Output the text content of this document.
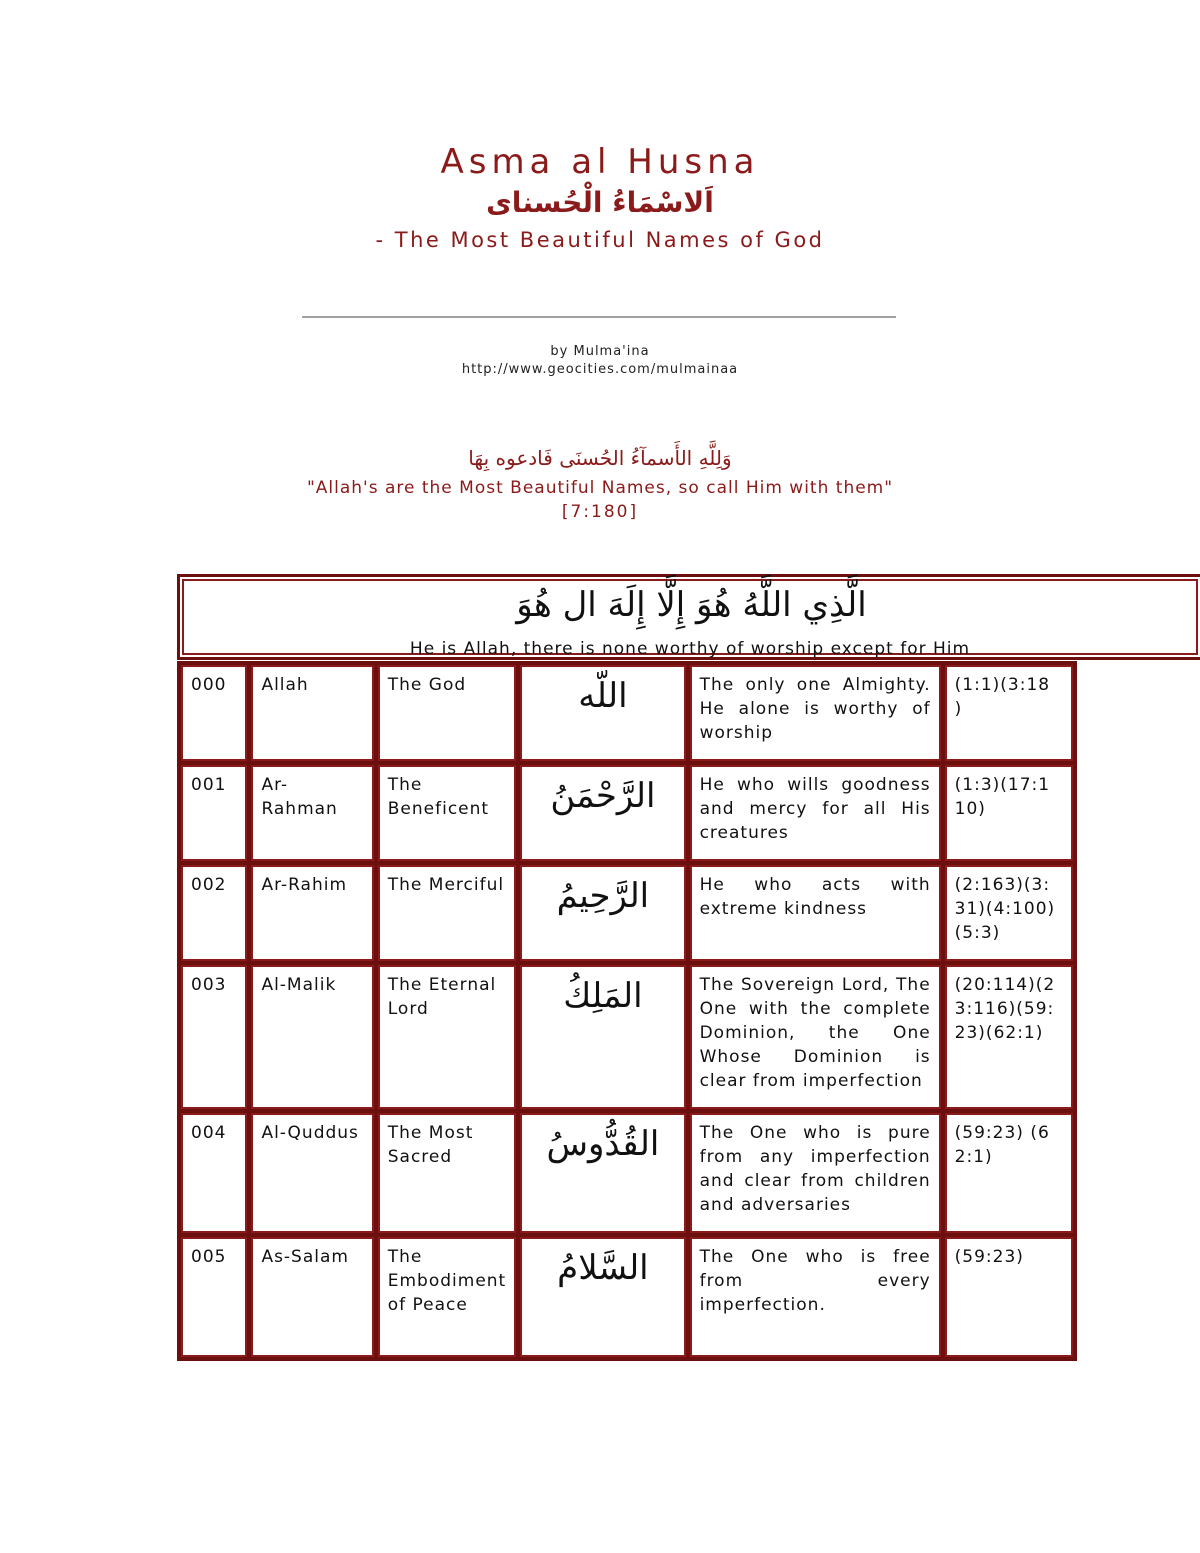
Asma al Husna
اَلاسْمَاءُ الْحُسناى
- The Most Beautiful Names of God
by Mulma'ina
http://www.geocities.com/mulmainaa
وَلِلَّهِ الأَسمآءُ الحُسنَى فَادعوه بِهَا
"Allah's are the Most Beautiful Names, so call Him with them"
[7:180]
الَّذِي اللَّهُ هُوَ إِلَّا إِلَهَ ال هُوَ
He is Allah, there is none worthy of worship except for Him
000	Allah	The God	اللّه	The only one Almighty. He alone is worthy of worship	(1:1)(3:18 )
001	Ar-Rahman	The Beneficent	الرَّحْمَنُ	He who wills goodness and mercy for all His creatures	(1:3)(17:1 10)
002	Ar-Rahim	The Merciful	الرَّحِيمُ	He who acts with extreme kindness	(2:163)(3: 31)(4:100) (5:3)
003	Al-Malik	The Eternal Lord	المَلِكُ	The Sovereign Lord, The One with the complete Dominion, the One Whose Dominion is clear from imperfection	(20:114)(2 3:116)(59: 23)(62:1)
004	Al-Quddus	The Most Sacred	القُدُّوسُ	The One who is pure from any imperfection and clear from children and adversaries	(59:23) (62:1)
005	As-Salam	The Embodiment of Peace	السَّلامُ	The One who is free from every imperfection.	(59:23)
